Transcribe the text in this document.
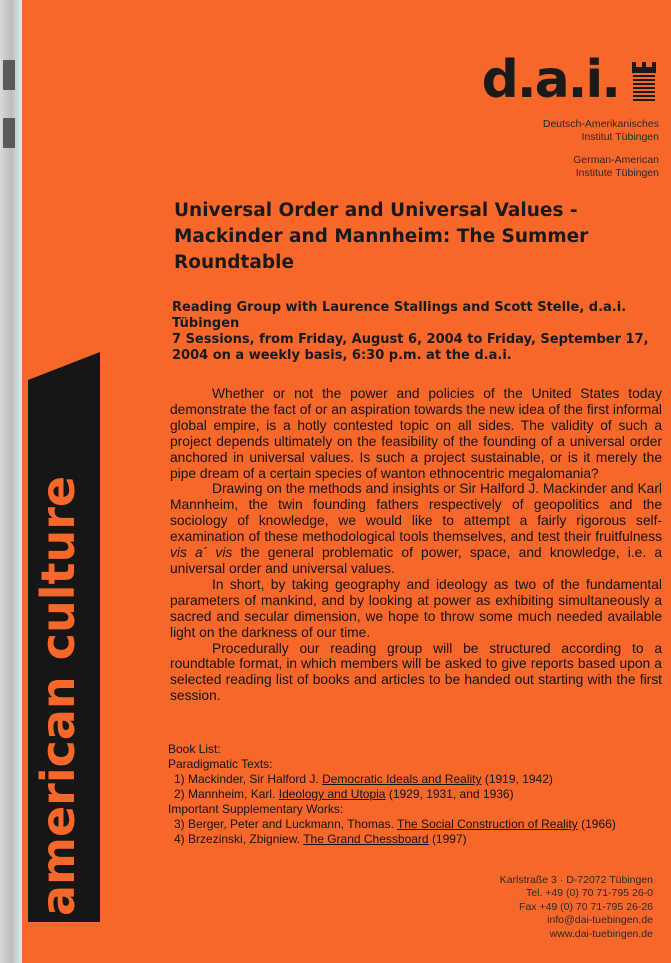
d.a.i.
Deutsch-Amerikanisches
Institut Tübingen
German-American
Institute Tübingen
Universal Order and Universal Values - Mackinder and Mannheim: The Summer Roundtable

Reading Group with Laurence Stallings and Scott Stelle, d.a.i. Tübingen

7 Sessions, from Friday, August 6, 2004 to Friday, September 17, 2004 on a weekly basis, 6:30 p.m. at the d.a.i.

Whether or not the power and policies of the United States today demonstrate the fact of or an aspiration towards the new idea of the first informal global empire, is a hotly contested topic on all sides. The validity of such a project depends ultimately on the feasibility of the founding of a universal order anchored in universal values. Is such a project sustainable, or is it merely the pipe dream of a certain species of wanton ethnocentric megalomania?

Drawing on the methods and insights or Sir Halford J. Mackinder and Karl Mannheim, the twin founding fathers respectively of geopolitics and the sociology of knowledge, we would like to attempt a fairly rigorous self-examination of these methodological tools themselves, and test their fruitfulness vis a´ vis the general problematic of power, space, and knowledge, i.e. a universal order and universal values.

In short, by taking geography and ideology as two of the fundamental parameters of mankind, and by looking at power as exhibiting simultaneously a sacred and secular dimension, we hope to throw some much needed available light on the darkness of our time.

Procedurally our reading group will be structured according to a roundtable format, in which members will be asked to give reports based upon a selected reading list of books and articles to be handed out starting with the first session.

Book List:
Paradigmatic Texts:
1) Mackinder, Sir Halford J. Democratic Ideals and Reality (1919, 1942)
2) Mannheim, Karl. Ideology and Utopia (1929, 1931, and 1936)
Important Supplementary Works:
3) Berger, Peter and Luckmann, Thomas. The Social Construction of Reality (1966)
4) Brzezinski, Zbigniew. The Grand Chessboard (1997)
Karlstraße 3 · D-72072 Tübingen
Tel. +49 (0) 70 71-795 26-0
Fax +49 (0) 70 71-795 26-26
info@dai-tuebingen.de
www.dai-tuebingen.de
american culture
